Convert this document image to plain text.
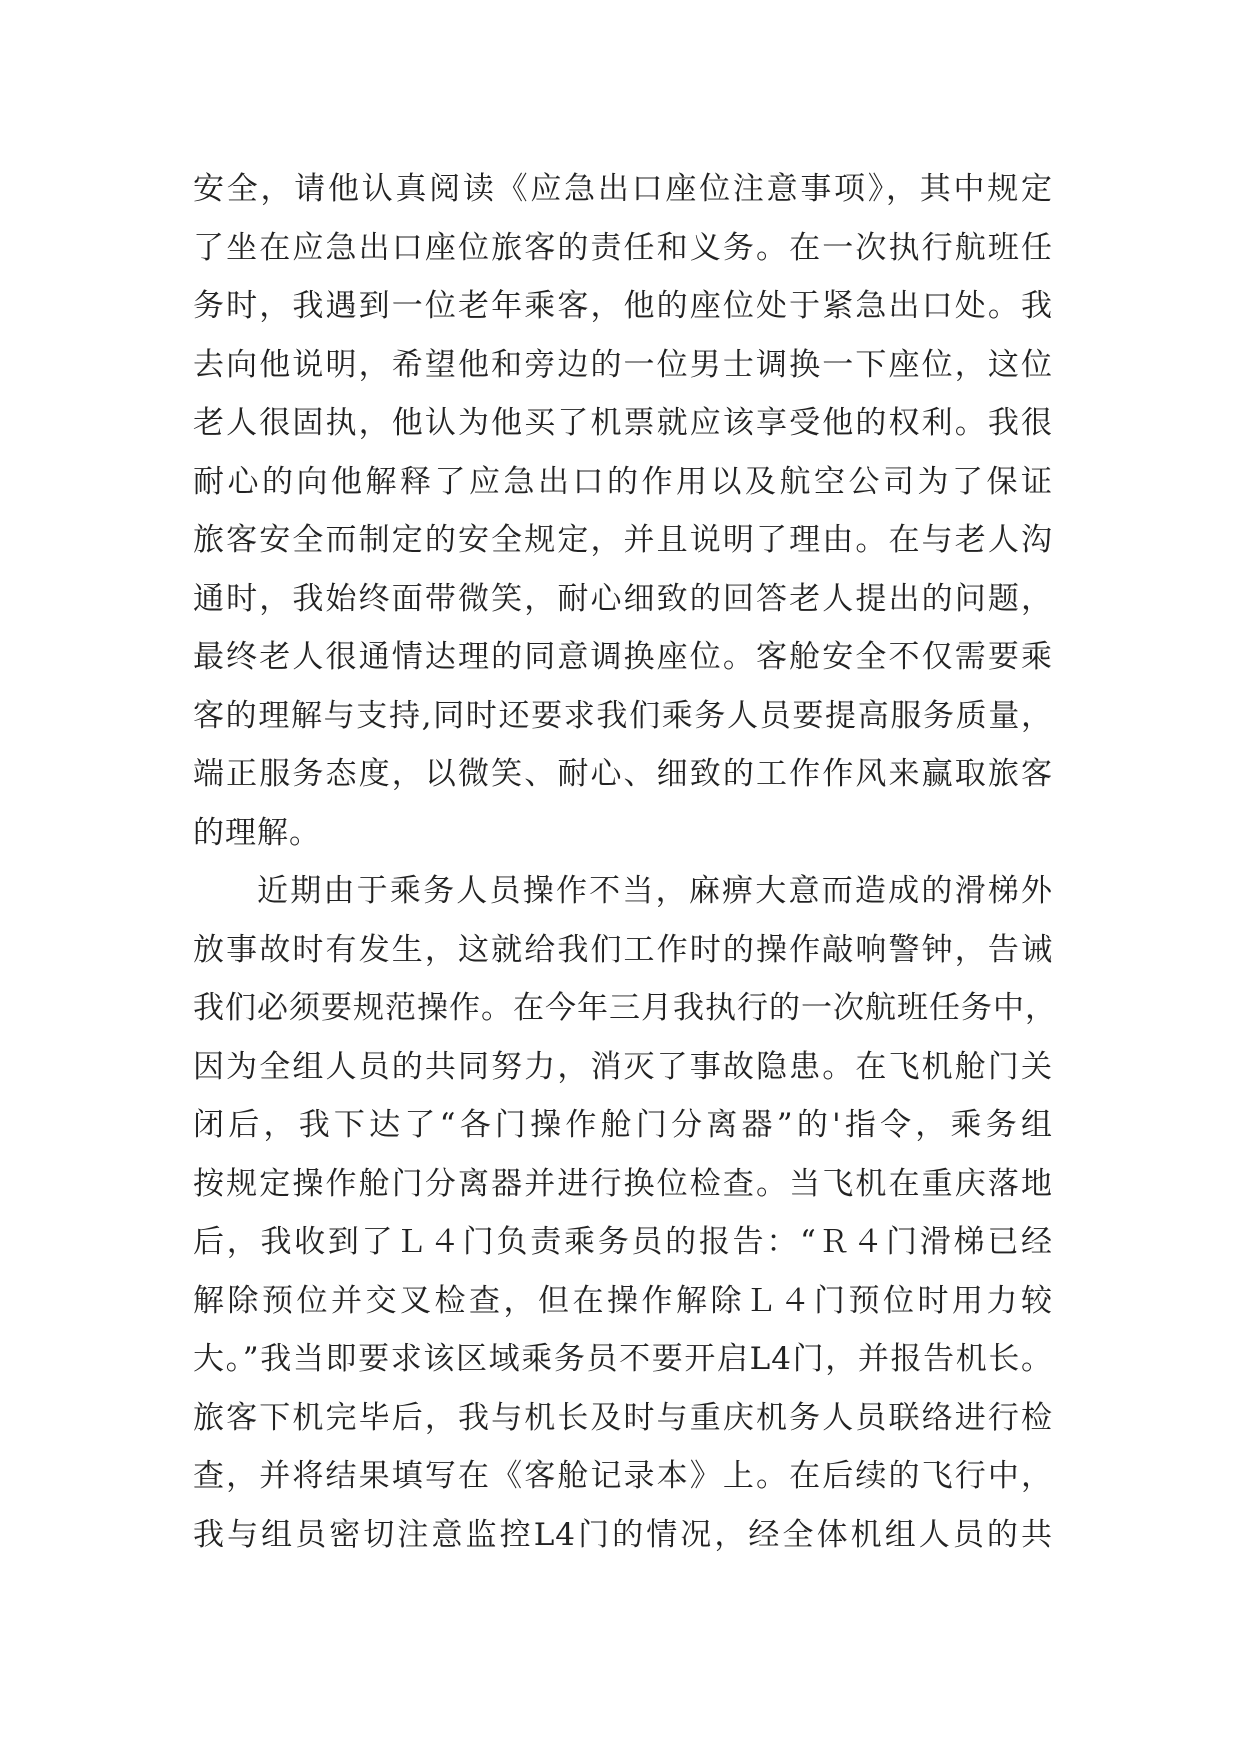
安全，请他认真阅读《应急出口座位注意事项》，其中规定
了坐在应急出口座位旅客的责任和义务。在一次执行航班任
务时，我遇到一位老年乘客，他的座位处于紧急出口处。我
去向他说明，希望他和旁边的一位男士调换一下座位，这位
老人很固执，他认为他买了机票就应该享受他的权利。我很
耐心的向他解释了应急出口的作用以及航空公司为了保证
旅客安全而制定的安全规定，并且说明了理由。在与老人沟
通时，我始终面带微笑，耐心细致的回答老人提出的问题，
最终老人很通情达理的同意调换座位。客舱安全不仅需要乘
客的理解与支持,同时还要求我们乘务人员要提高服务质量，
端正服务态度，以微笑、耐心、细致的工作作风来赢取旅客
的理解。
近期由于乘务人员操作不当，麻痹大意而造成的滑梯外
放事故时有发生，这就给我们工作时的操作敲响警钟，告诫
我们必须要规范操作。在今年三月我执行的一次航班任务中，
因为全组人员的共同努力，消灭了事故隐患。在飞机舱门关
闭后，我下达了“各门操作舱门分离器”的'指令，乘务组
按规定操作舱门分离器并进行换位检查。当飞机在重庆落地
后，我收到了Ｌ４门负责乘务员的报告：“Ｒ４门滑梯已经
解除预位并交叉检查，但在操作解除Ｌ４门预位时用力较
大。”我当即要求该区域乘务员不要开启L4门，并报告机长。
旅客下机完毕后，我与机长及时与重庆机务人员联络进行检
查，并将结果填写在《客舱记录本》上。在后续的飞行中，
我与组员密切注意监控L4门的情况，经全体机组人员的共
